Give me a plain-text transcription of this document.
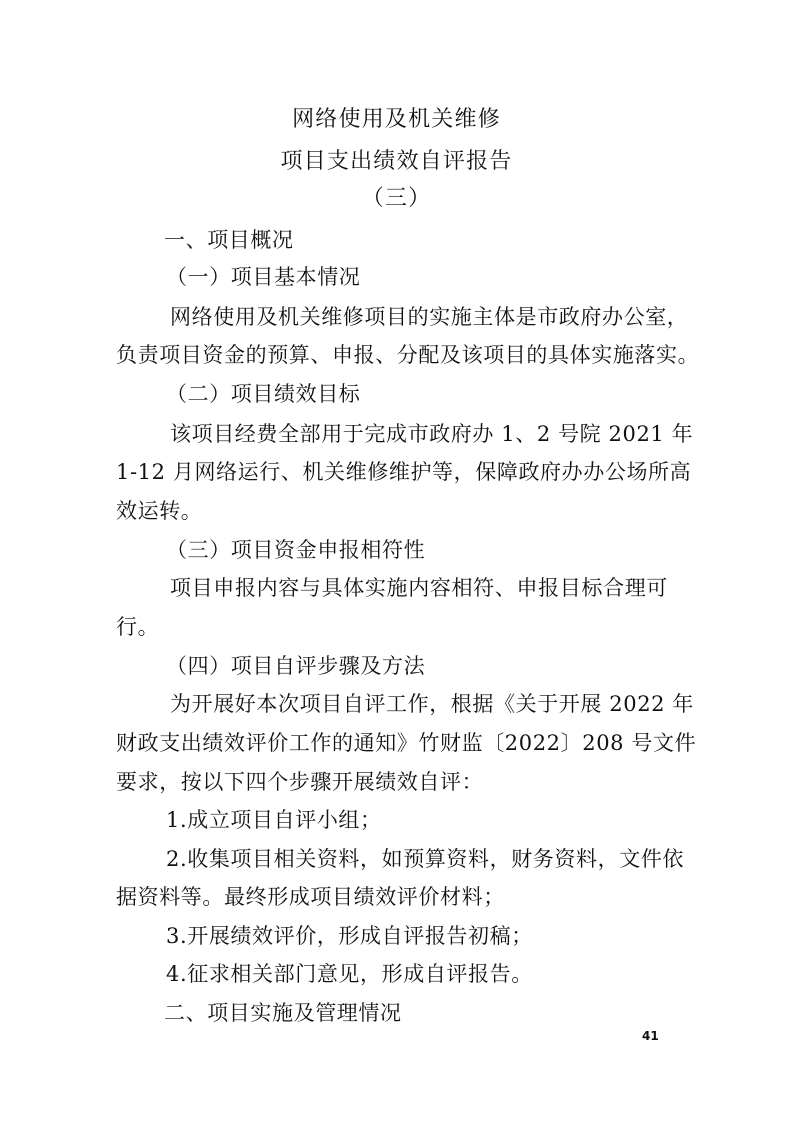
网络使用及机关维修

项目支出绩效自评报告

（三）

一、项目概况

（一）项目基本情况

网络使用及机关维修项目的实施主体是市政府办公室，

负责项目资金的预算、申报、分配及该项目的具体实施落实。

（二）项目绩效目标

该项目经费全部用于完成市政府办 1、2 号院 2021 年

1-12 月网络运行、机关维修维护等，保障政府办办公场所高

效运转。

（三）项目资金申报相符性

项目申报内容与具体实施内容相符、申报目标合理可

行。

（四）项目自评步骤及方法

为开展好本次项目自评工作，根据《关于开展 2022 年

财政支出绩效评价工作的通知》竹财监〔2022〕208 号文件

要求，按以下四个步骤开展绩效自评：

1.成立项目自评小组；

2.收集项目相关资料，如预算资料，财务资料，文件依

据资料等。最终形成项目绩效评价材料；

3.开展绩效评价，形成自评报告初稿；

4.征求相关部门意见，形成自评报告。

二、项目实施及管理情况

41
